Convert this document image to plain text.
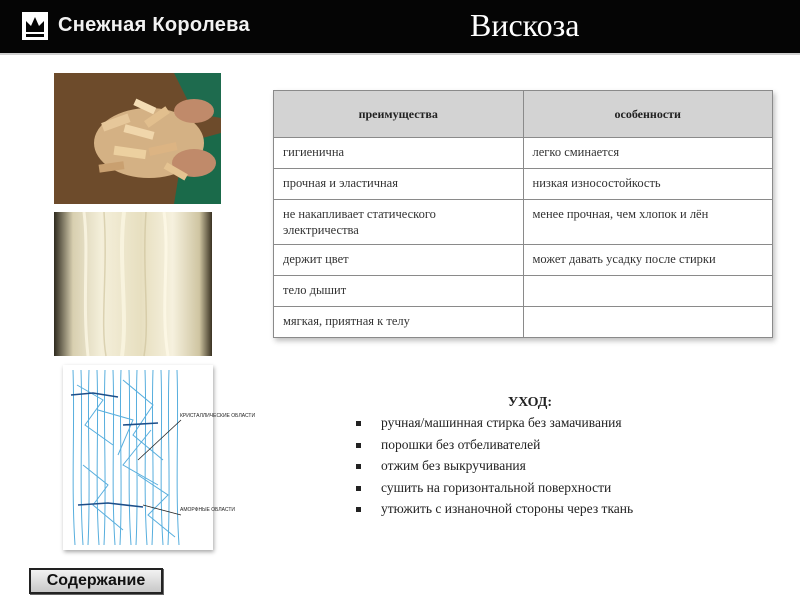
Снежная Королева	Вискоза
КРИСТАЛЛИЧЕСКИЕ ОБЛАСТИ
АМОРФНЫЕ ОБЛАСТИ
преимущества	особенности
гигиенична	легко сминается
прочная и эластичная	низкая износостойкость
не накапливает статического электричества	менее прочная, чем хлопок и лён
держит цвет	может давать усадку после стирки
тело дышит	
мягкая, приятная к телу	
УХОД:
ручная/машинная стирка без замачивания
порошки без отбеливателей
отжим без выкручивания
сушить на горизонтальной поверхности
утюжить с изнаночной стороны через ткань
Содержание
